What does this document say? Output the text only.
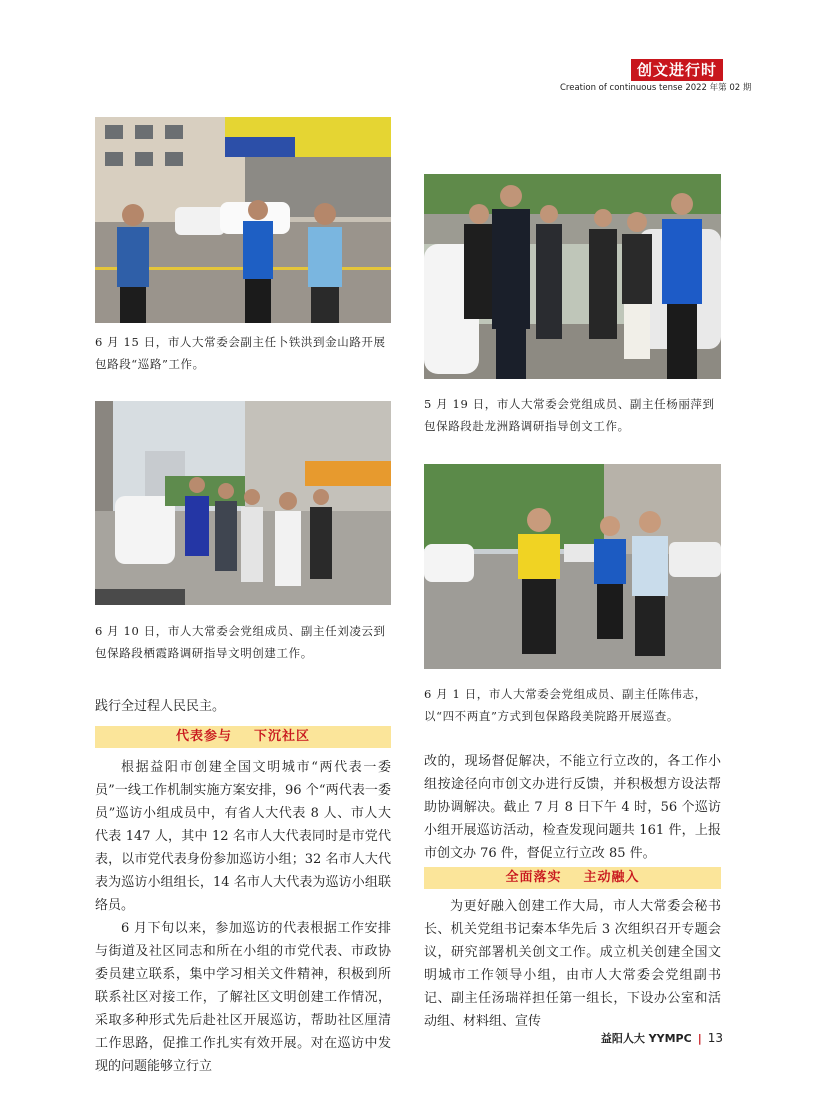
创文进行时
Creation of continuous tense 2022 年第 02 期
6 月 15 日，市人大常委会副主任卜铁洪到金山路开展包路段“巡路”工作。
5 月 19 日，市人大常委会党组成员、副主任杨丽萍到包保路段赴龙洲路调研指导创文工作。
6 月 10 日，市人大常委会党组成员、副主任刘凌云到包保路段栖霞路调研指导文明创建工作。
6 月 1 日，市人大常委会党组成员、副主任陈伟志，以“四不两直”方式到包保路段美院路开展巡查。
践行全过程人民民主。
代表参与    下沉社区

根据益阳市创建全国文明城市“两代表一委员”一线工作机制实施方案安排，96 个“两代表一委员”巡访小组成员中，有省人大代表 8 人、市人大代表 147 人，其中 12 名市人大代表同时是市党代表，以市党代表身份参加巡访小组；32 名市人大代表为巡访小组组长，14 名市人大代表为巡访小组联络员。

6 月下旬以来，参加巡访的代表根据工作安排与街道及社区同志和所在小组的市党代表、市政协委员建立联系，集中学习相关文件精神，积极到所联系社区对接工作，了解社区文明创建工作情况，采取多种形式先后赴社区开展巡访，帮助社区厘清工作思路，促推工作扎实有效开展。对在巡访中发现的问题能够立行立

改的，现场督促解决，不能立行立改的，各工作小组按途径向市创文办进行反馈，并积极想方设法帮助协调解决。截止 7 月 8 日下午 4 时，56 个巡访小组开展巡访活动，检查发现问题共 161 件，上报市创文办 76 件，督促立行立改 85 件。
全面落实    主动融入

为更好融入创建工作大局，市人大常委会秘书长、机关党组书记秦本华先后 3 次组织召开专题会议，研究部署机关创文工作。成立机关创建全国文明城市工作领导小组，由市人大常委会党组副书记、副主任汤瑞祥担任第一组长，下设办公室和活动组、材料组、宣传

益阳人大 YYMPC | 13
